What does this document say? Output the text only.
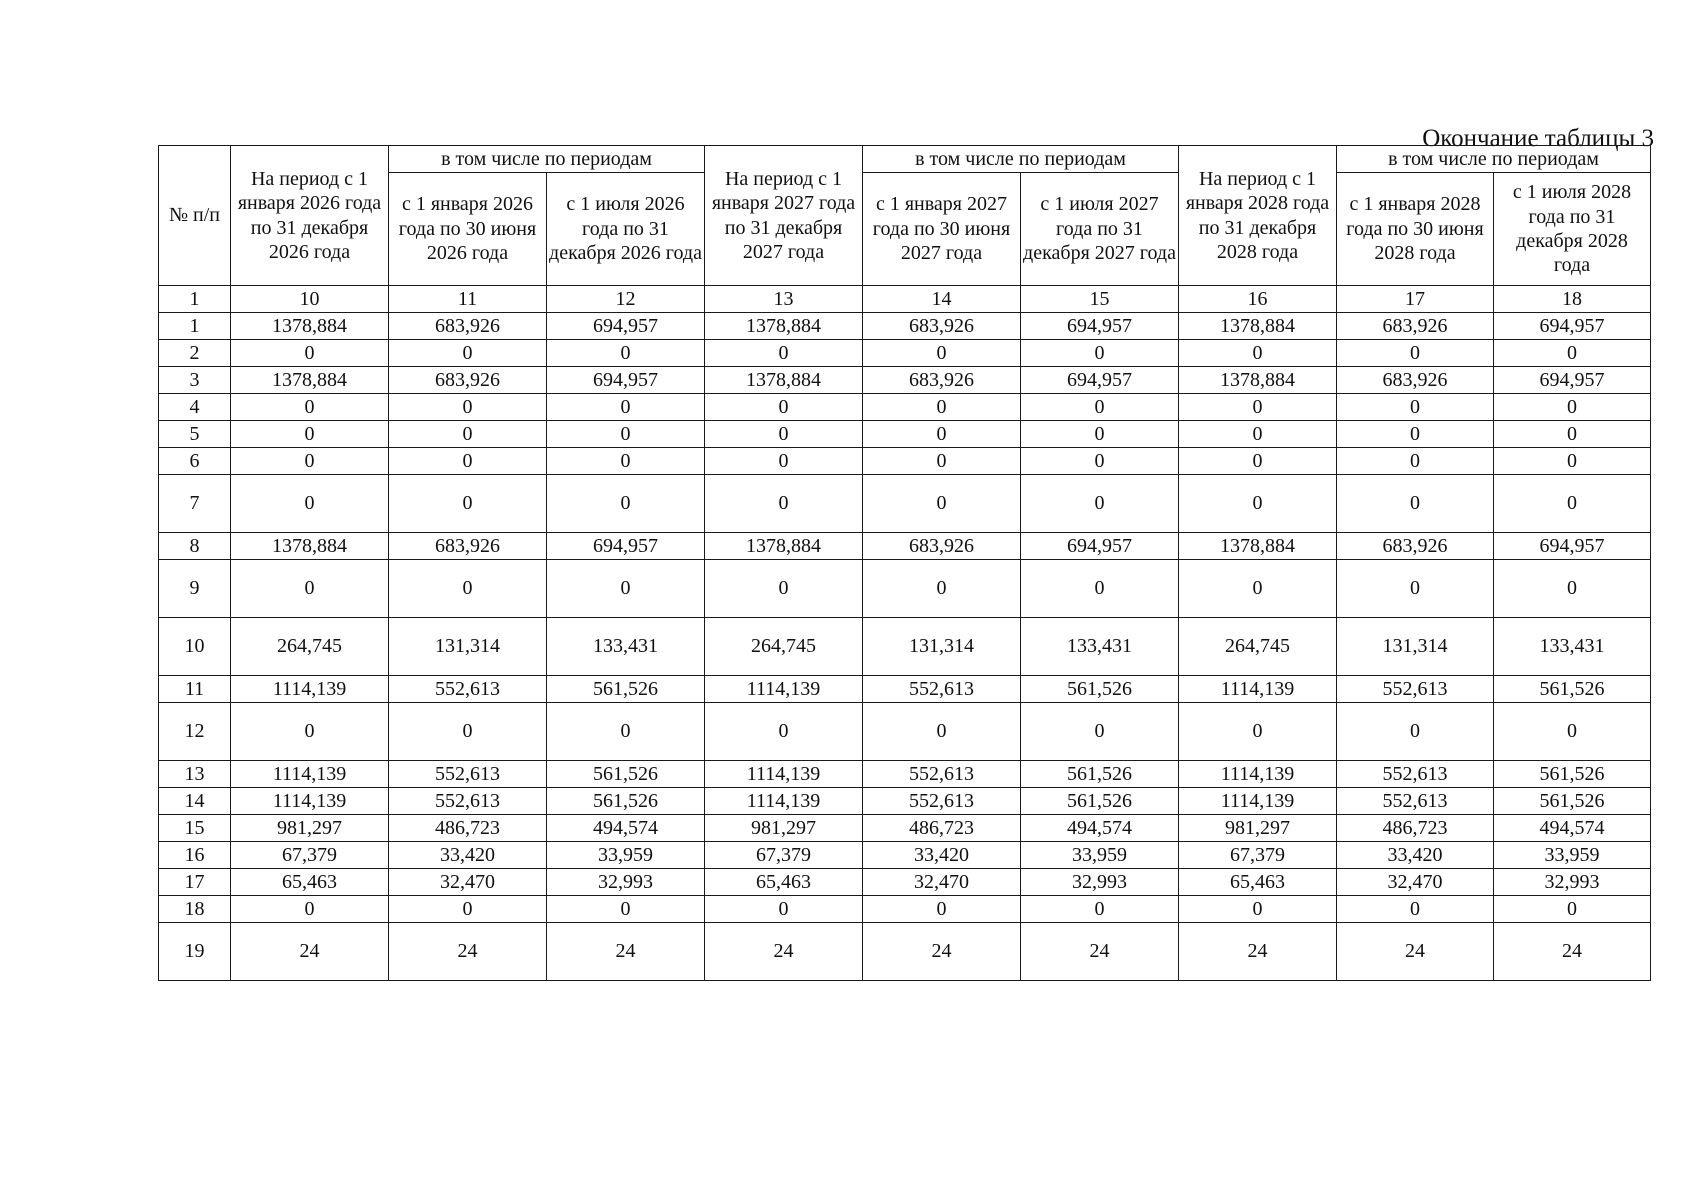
Окончание таблицы 3
№ п/п	На период с 1 января 2026 года по 31 декабря 2026 года	в том числе по периодам		На период с 1 января 2027 года по 31 декабря 2027 года	в том числе по периодам		На период с 1 января 2028 года по 31 декабря 2028 года	в том числе по периодам	
		с 1 января 2026 года по 30 июня 2026 года	с 1 июля 2026 года по 31 декабря 2026 года		с 1 января 2027 года по 30 июня 2027 года	с 1 июля 2027 года по 31 декабря 2027 года		с 1 января 2028 года по 30 июня 2028 года	с 1 июля 2028 года по 31 декабря 2028 года
1	10	11	12	13	14	15	16	17	18
1	1378,884	683,926	694,957	1378,884	683,926	694,957	1378,884	683,926	694,957
2	0	0	0	0	0	0	0	0	0
3	1378,884	683,926	694,957	1378,884	683,926	694,957	1378,884	683,926	694,957
4	0	0	0	0	0	0	0	0	0
5	0	0	0	0	0	0	0	0	0
6	0	0	0	0	0	0	0	0	0
7	0	0	0	0	0	0	0	0	0
8	1378,884	683,926	694,957	1378,884	683,926	694,957	1378,884	683,926	694,957
9	0	0	0	0	0	0	0	0	0
10	264,745	131,314	133,431	264,745	131,314	133,431	264,745	131,314	133,431
11	1114,139	552,613	561,526	1114,139	552,613	561,526	1114,139	552,613	561,526
12	0	0	0	0	0	0	0	0	0
13	1114,139	552,613	561,526	1114,139	552,613	561,526	1114,139	552,613	561,526
14	1114,139	552,613	561,526	1114,139	552,613	561,526	1114,139	552,613	561,526
15	981,297	486,723	494,574	981,297	486,723	494,574	981,297	486,723	494,574
16	67,379	33,420	33,959	67,379	33,420	33,959	67,379	33,420	33,959
17	65,463	32,470	32,993	65,463	32,470	32,993	65,463	32,470	32,993
18	0	0	0	0	0	0	0	0	0
19	24	24	24	24	24	24	24	24	24
